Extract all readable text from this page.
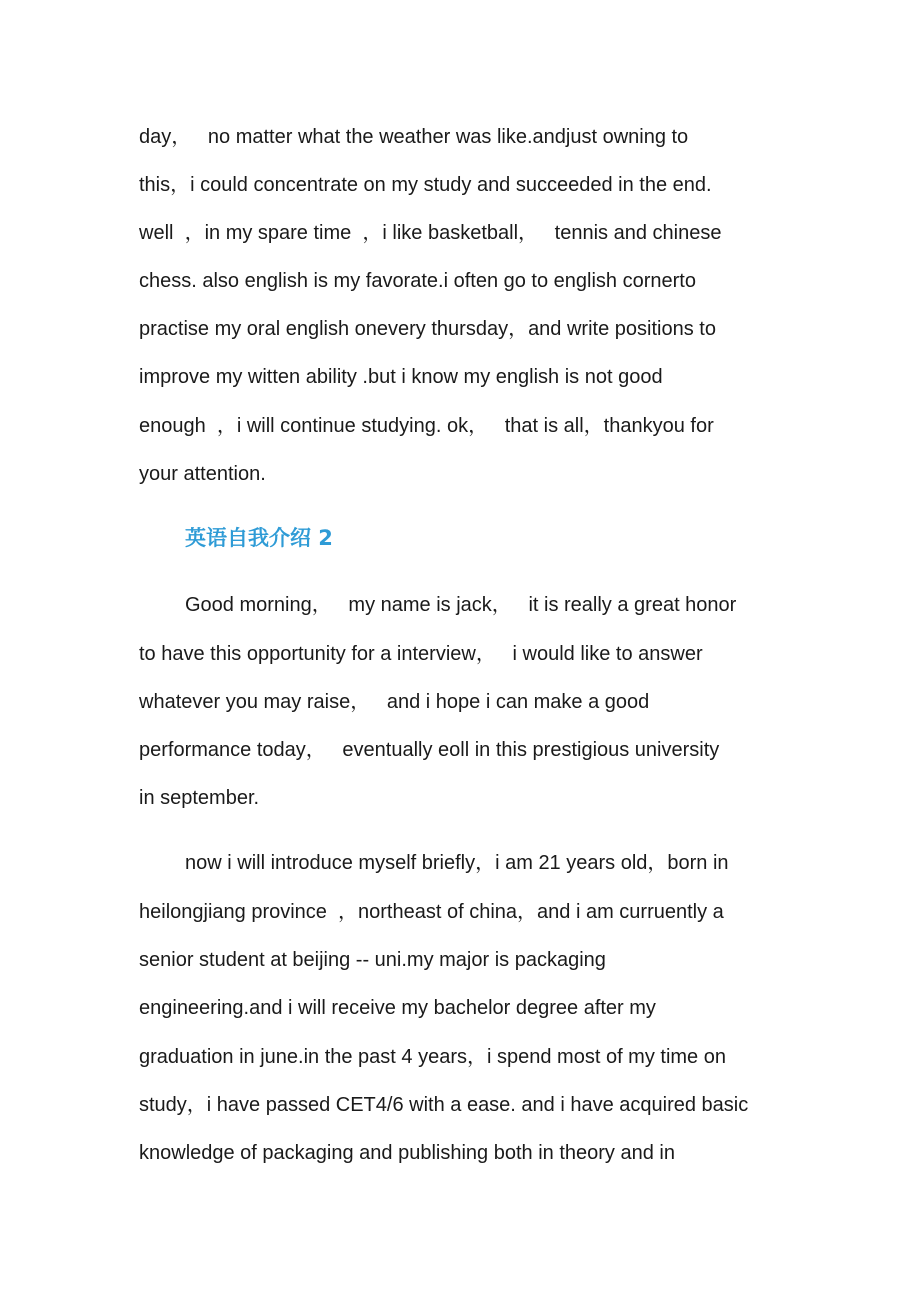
day，   no matter what the weather was like.andjust owning to
this，i could concentrate on my study and succeeded in the end.
well  ，in my spare time  ，i like basketball，   tennis and chinese
chess. also english is my favorate.i often go to english cornerto
practise my oral english onevery thursday，and write positions to
improve my witten ability .but i know my english is not good
enough  ，i will continue studying. ok，   that is all，thankyou for
your attention.
英语自我介绍 2
Good morning，   my name is jack，   it is really a great honor
to have this opportunity for a interview，   i would like to answer
whatever you may raise，   and i hope i can make a good
performance today，   eventually eoll in this prestigious university
in september.
now i will introduce myself briefly，i am 21 years old，born in
heilongjiang province  ，northeast of china，and i am curruently a
senior student at beijing -- uni.my major is packaging
engineering.and i will receive my bachelor degree after my
graduation in june.in the past 4 years，i spend most of my time on
study，i have passed CET4/6 with a ease. and i have acquired basic
knowledge of packaging and publishing both in theory and in
